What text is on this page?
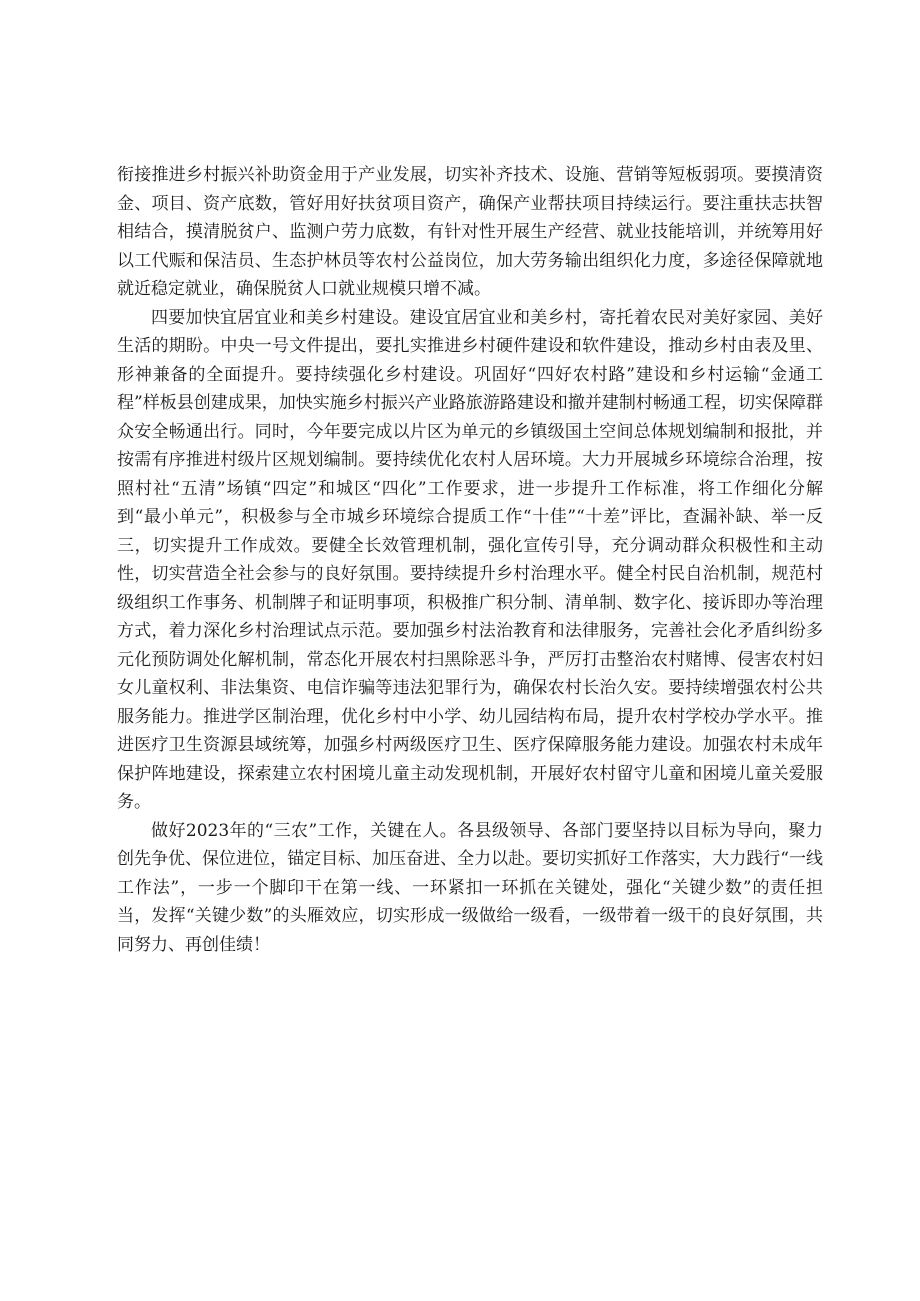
衔接推进乡村振兴补助资金用于产业发展，切实补齐技术、设施、营销等短板弱项。要摸清资金、项目、资产底数，管好用好扶贫项目资产，确保产业帮扶项目持续运行。要注重扶志扶智相结合，摸清脱贫户、监测户劳力底数，有针对性开展生产经营、就业技能培训，并统筹用好以工代赈和保洁员、生态护林员等农村公益岗位，加大劳务输出组织化力度，多途径保障就地就近稳定就业，确保脱贫人口就业规模只增不减。

四要加快宜居宜业和美乡村建设。建设宜居宜业和美乡村，寄托着农民对美好家园、美好生活的期盼。中央一号文件提出，要扎实推进乡村硬件建设和软件建设，推动乡村由表及里、形神兼备的全面提升。要持续强化乡村建设。巩固好“四好农村路”建设和乡村运输“金通工程”样板县创建成果，加快实施乡村振兴产业路旅游路建设和撤并建制村畅通工程，切实保障群众安全畅通出行。同时，今年要完成以片区为单元的乡镇级国土空间总体规划编制和报批，并按需有序推进村级片区规划编制。要持续优化农村人居环境。大力开展城乡环境综合治理，按照村社“五清”场镇“四定”和城区“四化”工作要求，进一步提升工作标准，将工作细化分解到“最小单元”，积极参与全市城乡环境综合提质工作“十佳”“十差”评比，查漏补缺、举一反三，切实提升工作成效。要健全长效管理机制，强化宣传引导，充分调动群众积极性和主动性，切实营造全社会参与的良好氛围。要持续提升乡村治理水平。健全村民自治机制，规范村级组织工作事务、机制牌子和证明事项，积极推广积分制、清单制、数字化、接诉即办等治理方式，着力深化乡村治理试点示范。要加强乡村法治教育和法律服务，完善社会化矛盾纠纷多元化预防调处化解机制，常态化开展农村扫黑除恶斗争，严厉打击整治农村赌博、侵害农村妇女儿童权利、非法集资、电信诈骗等违法犯罪行为，确保农村长治久安。要持续增强农村公共服务能力。推进学区制治理，优化乡村中小学、幼儿园结构布局，提升农村学校办学水平。推进医疗卫生资源县域统筹，加强乡村两级医疗卫生、医疗保障服务能力建设。加强农村未成年保护阵地建设，探索建立农村困境儿童主动发现机制，开展好农村留守儿童和困境儿童关爱服务。

做好2023年的“三农”工作，关键在人。各县级领导、各部门要坚持以目标为导向，聚力创先争优、保位进位，锚定目标、加压奋进、全力以赴。要切实抓好工作落实，大力践行“一线工作法”，一步一个脚印干在第一线、一环紧扣一环抓在关键处，强化“关键少数”的责任担当，发挥“关键少数”的头雁效应，切实形成一级做给一级看，一级带着一级干的良好氛围，共同努力、再创佳绩！
